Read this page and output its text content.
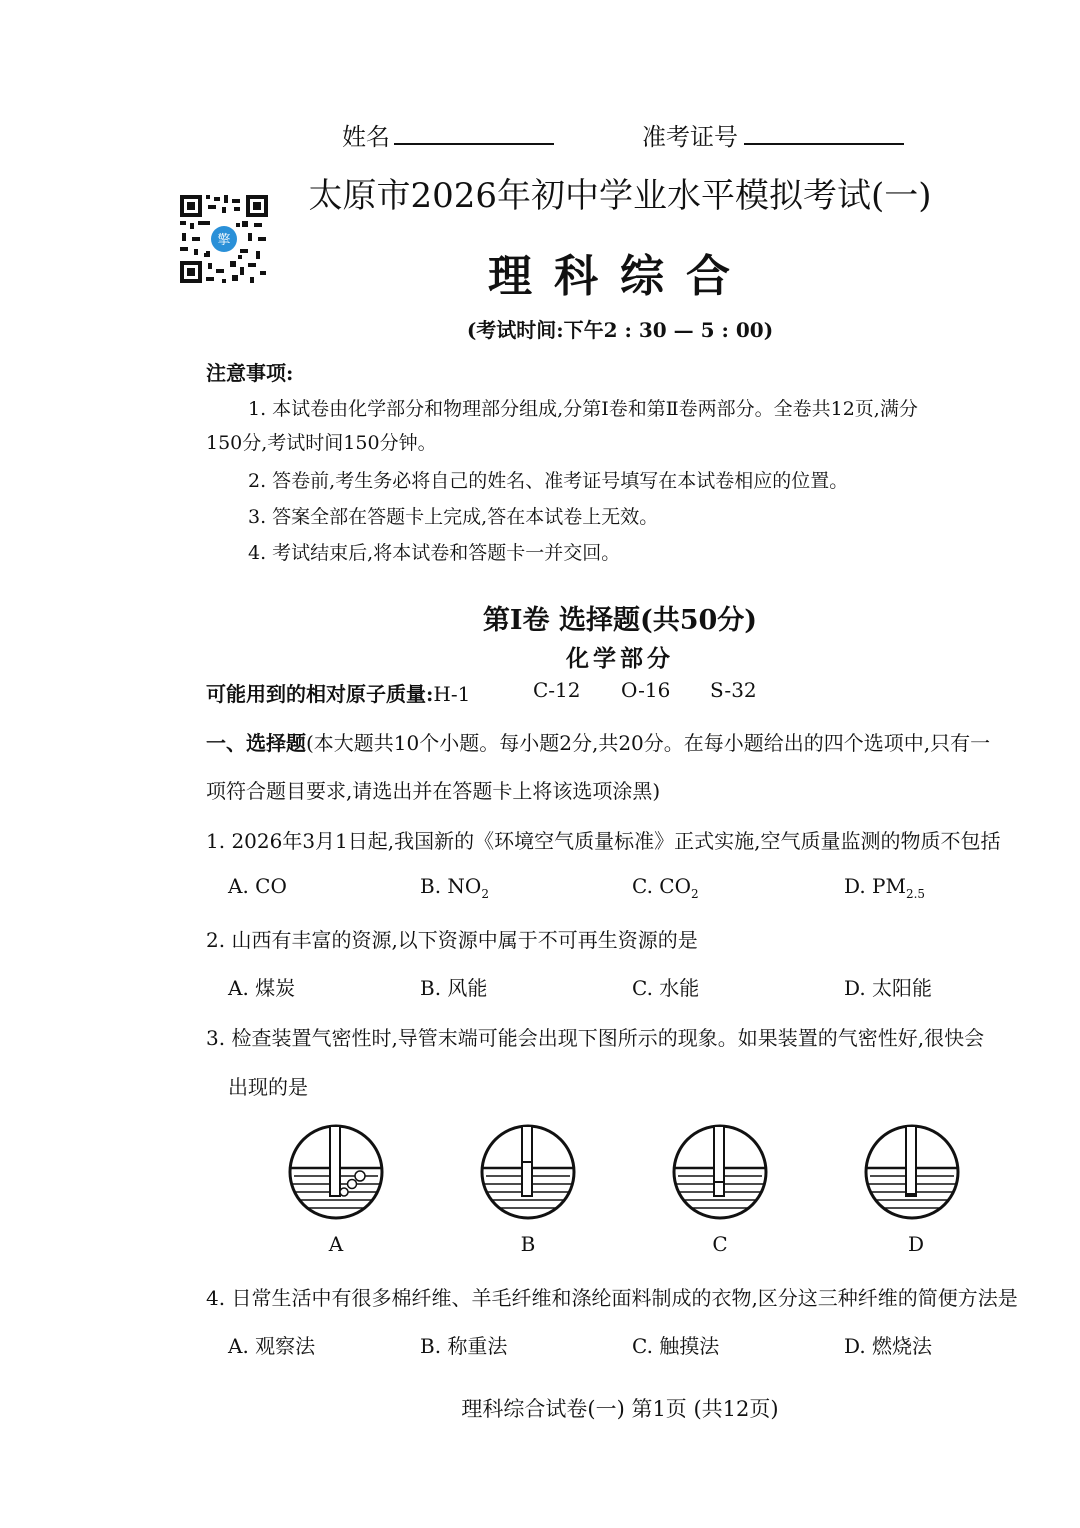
姓名	准考证号
擎
太原市2026年初中学业水平模拟考试(一)
理科综合
(考试时间:下午2 : 30 — 5 : 00)
注意事项:
1. 本试卷由化学部分和物理部分组成,分第Ⅰ卷和第Ⅱ卷两部分。全卷共12页,满分
150分,考试时间150分钟。
2. 答卷前,考生务必将自己的姓名、准考证号填写在本试卷相应的位置。
3. 答案全部在答题卡上完成,答在本试卷上无效。
4. 考试结束后,将本试卷和答题卡一并交回。
第Ⅰ卷 选择题(共50分)
化学部分
可能用到的相对原子质量:H-1	C-12 O-16 S-32
一、选择题(本大题共10个小题。每小题2分,共20分。在每小题给出的四个选项中,只有一
项符合题目要求,请选出并在答题卡上将该选项涂黑)
1. 2026年3月1日起,我国新的《环境空气质量标准》正式实施,空气质量监测的物质不包括
A. CO	B. $NO_2$	C. $CO_2$	D. $PM_{2.5}$
2. 山西有丰富的资源,以下资源中属于不可再生资源的是
A. 煤炭	B. 风能	C. 水能	D. 太阳能
3. 检查装置气密性时,导管末端可能会出现下图所示的现象。如果装置的气密性好,很快会
出现的是
A	B	C	D
4. 日常生活中有很多棉纤维、羊毛纤维和涤纶面料制成的衣物,区分这三种纤维的简便方法是
A. 观察法	B. 称重法	C. 触摸法	D. 燃烧法
理科综合试卷(一) 第1页 (共12页)
